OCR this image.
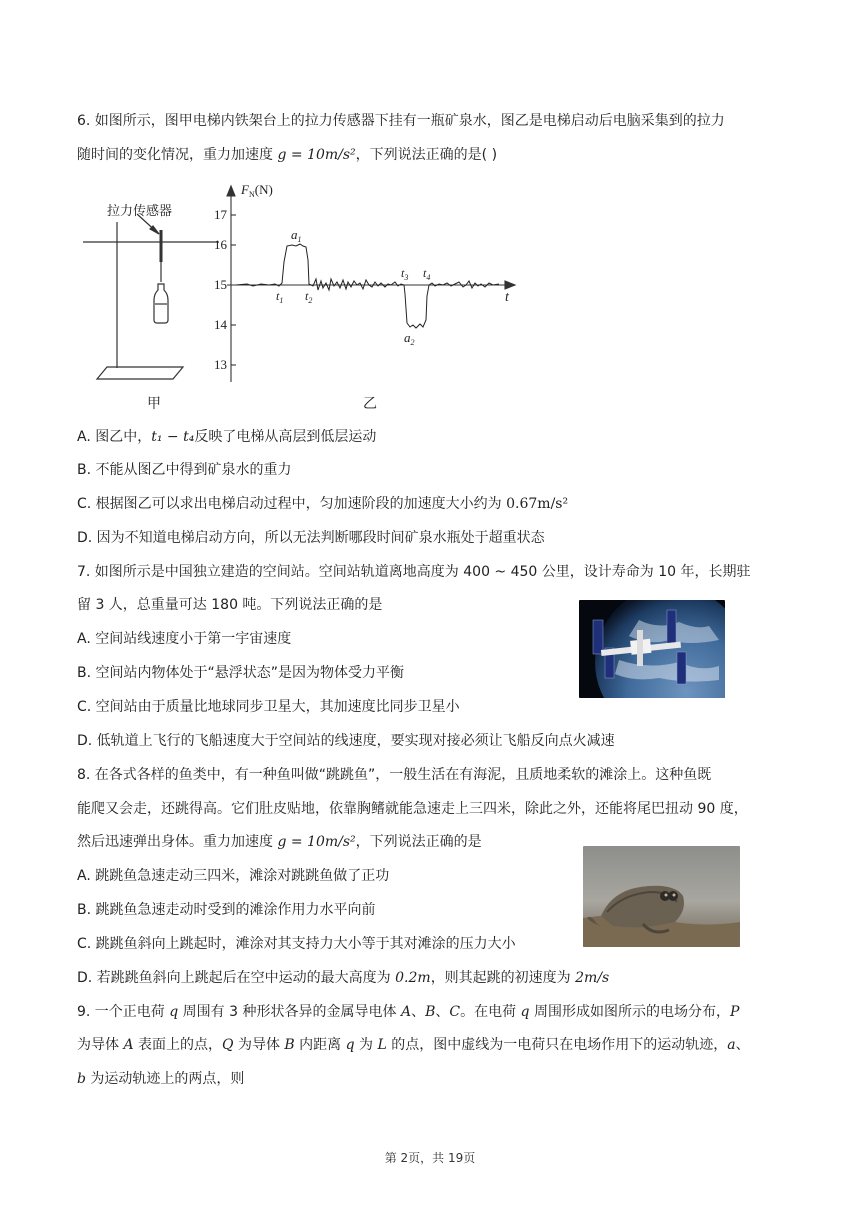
6. 如图所示，图甲电梯内铁架台上的拉力传感器下挂有一瓶矿泉水，图乙是电梯启动后电脑采集到的拉力
随时间的变化情况，重力加速度 g = 10m/s²，下列说法正确的是( )
拉力传感器
甲
17
16
15
14
13
$F_N(N)$
t
$a_1$
$a_2$
$t_1$ $t_2$
$t_3$ $t_4$
乙
A. 图乙中，t₁ − t₄反映了电梯从高层到低层运动
B. 不能从图乙中得到矿泉水的重力
C. 根据图乙可以求出电梯启动过程中，匀加速阶段的加速度大小约为 0.67m/s²
D. 因为不知道电梯启动方向，所以无法判断哪段时间矿泉水瓶处于超重状态
7. 如图所示是中国独立建造的空间站。空间站轨道离地高度为 400 ~ 450 公里，设计寿命为 10 年，长期驻
留 3 人，总重量可达 180 吨。下列说法正确的是
A. 空间站线速度小于第一宇宙速度
B. 空间站内物体处于“悬浮状态”是因为物体受力平衡
C. 空间站由于质量比地球同步卫星大，其加速度比同步卫星小
D. 低轨道上飞行的飞船速度大于空间站的线速度，要实现对接必须让飞船反向点火减速
8. 在各式各样的鱼类中，有一种鱼叫做“跳跳鱼”，一般生活在有海泥，且质地柔软的滩涂上。这种鱼既
能爬又会走，还跳得高。它们肚皮贴地，依靠胸鳍就能急速走上三四米，除此之外，还能将尾巴扭动 90 度，
然后迅速弹出身体。重力加速度 g = 10m/s²，下列说法正确的是
A. 跳跳鱼急速走动三四米，滩涂对跳跳鱼做了正功
B. 跳跳鱼急速走动时受到的滩涂作用力水平向前
C. 跳跳鱼斜向上跳起时，滩涂对其支持力大小等于其对滩涂的压力大小
D. 若跳跳鱼斜向上跳起后在空中运动的最大高度为 0.2m，则其起跳的初速度为 2m/s
9. 一个正电荷 q 周围有 3 种形状各异的金属导电体 A、B、C。在电荷 q 周围形成如图所示的电场分布，P
为导体 A 表面上的点，Q 为导体 B 内距离 q 为 L 的点，图中虚线为一电荷只在电场作用下的运动轨迹，a、
b 为运动轨迹上的两点，则
第 2页，共 19页
